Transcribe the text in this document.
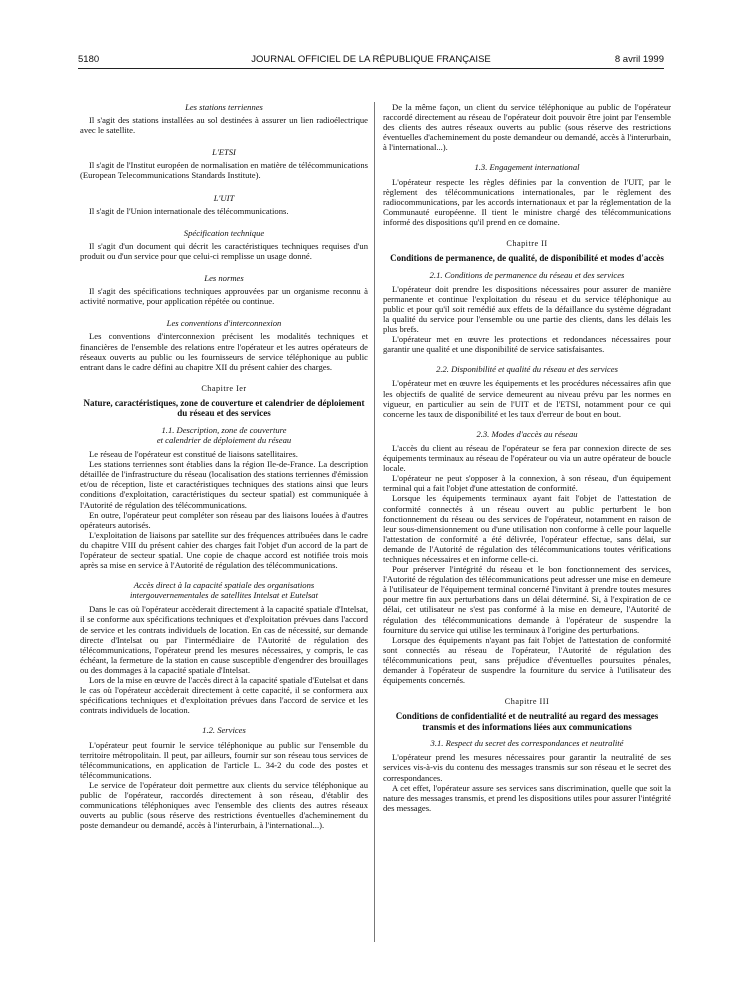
5180	JOURNAL OFFICIEL DE LA RÉPUBLIQUE FRANÇAISE	8 avril 1999
Les stations terriennes

Il s'agit des stations installées au sol destinées à assurer un lien radioélectrique avec le satellite.

L'ETSI

Il s'agit de l'Institut européen de normalisation en matière de télécommunications (European Telecommunications Standards Institute).

L'UIT

Il s'agit de l'Union internationale des télécommunications.

Spécification technique

Il s'agit d'un document qui décrit les caractéristiques techniques requises d'un produit ou d'un service pour que celui-ci remplisse un usage donné.

Les normes

Il s'agit des spécifications techniques approuvées par un organisme reconnu à activité normative, pour application répétée ou continue.

Les conventions d'interconnexion

Les conventions d'interconnexion précisent les modalités techniques et financières de l'ensemble des relations entre l'opérateur et les autres opérateurs de réseaux ouverts au public ou les fournisseurs de service téléphonique au public entrant dans le cadre défini au chapitre XII du présent cahier des charges.

Chapitre Ier
Nature, caractéristiques, zone de couverture et calendrier de déploiement du réseau et des services
1.1. Description, zone de couverture
et calendrier de déploiement du réseau

Le réseau de l'opérateur est constitué de liaisons satellitaires.

Les stations terriennes sont établies dans la région Ile-de-France. La description détaillée de l'infrastructure du réseau (localisation des stations terriennes d'émission et/ou de réception, liste et caractéristiques techniques des stations ainsi que leurs conditions d'exploitation, caractéristiques du secteur spatial) est communiquée à l'Autorité de régulation des télécommunications.

En outre, l'opérateur peut compléter son réseau par des liaisons louées à d'autres opérateurs autorisés.

L'exploitation de liaisons par satellite sur des fréquences attribuées dans le cadre du chapitre VIII du présent cahier des charges fait l'objet d'un accord de la part de l'opérateur de secteur spatial. Une copie de chaque accord est notifiée trois mois après sa mise en service à l'Autorité de régulation des télécommunications.

Accès direct à la capacité spatiale des organisations
intergouvernementales de satellites Intelsat et Eutelsat

Dans le cas où l'opérateur accèderait directement à la capacité spatiale d'Intelsat, il se conforme aux spécifications techniques et d'exploitation prévues dans l'accord de service et les contrats individuels de location. En cas de nécessité, sur demande directe d'Intelsat ou par l'intermédiaire de l'Autorité de régulation des télécommunications, l'opérateur prend les mesures nécessaires, y compris, le cas échéant, la fermeture de la station en cause susceptible d'engendrer des brouillages ou des dommages à la capacité spatiale d'Intelsat.

Lors de la mise en œuvre de l'accès direct à la capacité spatiale d'Eutelsat et dans le cas où l'opérateur accèderait directement à cette capacité, il se conformera aux spécifications techniques et d'exploitation prévues dans l'accord de service et les contrats individuels de location.

1.2. Services

L'opérateur peut fournir le service téléphonique au public sur l'ensemble du territoire métropolitain. Il peut, par ailleurs, fournir sur son réseau tous services de télécommunications, en application de l'article L. 34-2 du code des postes et télécommunications.

Le service de l'opérateur doit permettre aux clients du service téléphonique au public de l'opérateur, raccordés directement à son réseau, d'établir des communications téléphoniques avec l'ensemble des clients des autres réseaux ouverts au public (sous réserve des restrictions éventuelles d'acheminement du poste demandeur ou demandé, accès à l'interurbain, à l'international...).

De la même façon, un client du service téléphonique au public de l'opérateur raccordé directement au réseau de l'opérateur doit pouvoir être joint par l'ensemble des clients des autres réseaux ouverts au public (sous réserve des restrictions éventuelles d'acheminement du poste demandeur ou demandé, accès à l'interurbain, à l'international...).

1.3. Engagement international

L'opérateur respecte les règles définies par la convention de l'UIT, par le règlement des télécommunications internationales, par le règlement des radiocommunications, par les accords internationaux et par la réglementation de la Communauté européenne. Il tient le ministre chargé des télécommunications informé des dispositions qu'il prend en ce domaine.

Chapitre II
Conditions de permanence, de qualité, de disponibilité et modes d'accès
2.1. Conditions de permanence du réseau et des services

L'opérateur doit prendre les dispositions nécessaires pour assurer de manière permanente et continue l'exploitation du réseau et du service téléphonique au public et pour qu'il soit remédié aux effets de la défaillance du système dégradant la qualité du service pour l'ensemble ou une partie des clients, dans les délais les plus brefs.

L'opérateur met en œuvre les protections et redondances nécessaires pour garantir une qualité et une disponibilité de service satisfaisantes.

2.2. Disponibilité et qualité du réseau et des services

L'opérateur met en œuvre les équipements et les procédures nécessaires afin que les objectifs de qualité de service demeurent au niveau prévu par les normes en vigueur, en particulier au sein de l'UIT et de l'ETSI, notamment pour ce qui concerne les taux de disponibilité et les taux d'erreur de bout en bout.

2.3. Modes d'accès au réseau

L'accès du client au réseau de l'opérateur se fera par connexion directe de ses équipements terminaux au réseau de l'opérateur ou via un autre opérateur de boucle locale.

L'opérateur ne peut s'opposer à la connexion, à son réseau, d'un équipement terminal qui a fait l'objet d'une attestation de conformité.

Lorsque les équipements terminaux ayant fait l'objet de l'attestation de conformité connectés à un réseau ouvert au public perturbent le bon fonctionnement du réseau ou des services de l'opérateur, notamment en raison de leur sous-dimensionnement ou d'une utilisation non conforme à celle pour laquelle l'attestation de conformité a été délivrée, l'opérateur effectue, sans délai, sur demande de l'Autorité de régulation des télécommunications toutes vérifications techniques nécessaires et en informe celle-ci.

Pour préserver l'intégrité du réseau et le bon fonctionnement des services, l'Autorité de régulation des télécommunications peut adresser une mise en demeure à l'utilisateur de l'équipement terminal concerné l'invitant à prendre toutes mesures pour mettre fin aux perturbations dans un délai déterminé. Si, à l'expiration de ce délai, cet utilisateur ne s'est pas conformé à la mise en demeure, l'Autorité de régulation des télécommunications demande à l'opérateur de suspendre la fourniture du service qui utilise les terminaux à l'origine des perturbations.

Lorsque des équipements n'ayant pas fait l'objet de l'attestation de conformité sont connectés au réseau de l'opérateur, l'Autorité de régulation des télécommunications peut, sans préjudice d'éventuelles poursuites pénales, demander à l'opérateur de suspendre la fourniture du service à l'utilisateur des équipements concernés.

Chapitre III
Conditions de confidentialité et de neutralité au regard des messages transmis et des informations liées aux communications
3.1. Respect du secret des correspondances et neutralité

L'opérateur prend les mesures nécessaires pour garantir la neutralité de ses services vis-à-vis du contenu des messages transmis sur son réseau et le secret des correspondances.

A cet effet, l'opérateur assure ses services sans discrimination, quelle que soit la nature des messages transmis, et prend les dispositions utiles pour assurer l'intégrité des messages.
